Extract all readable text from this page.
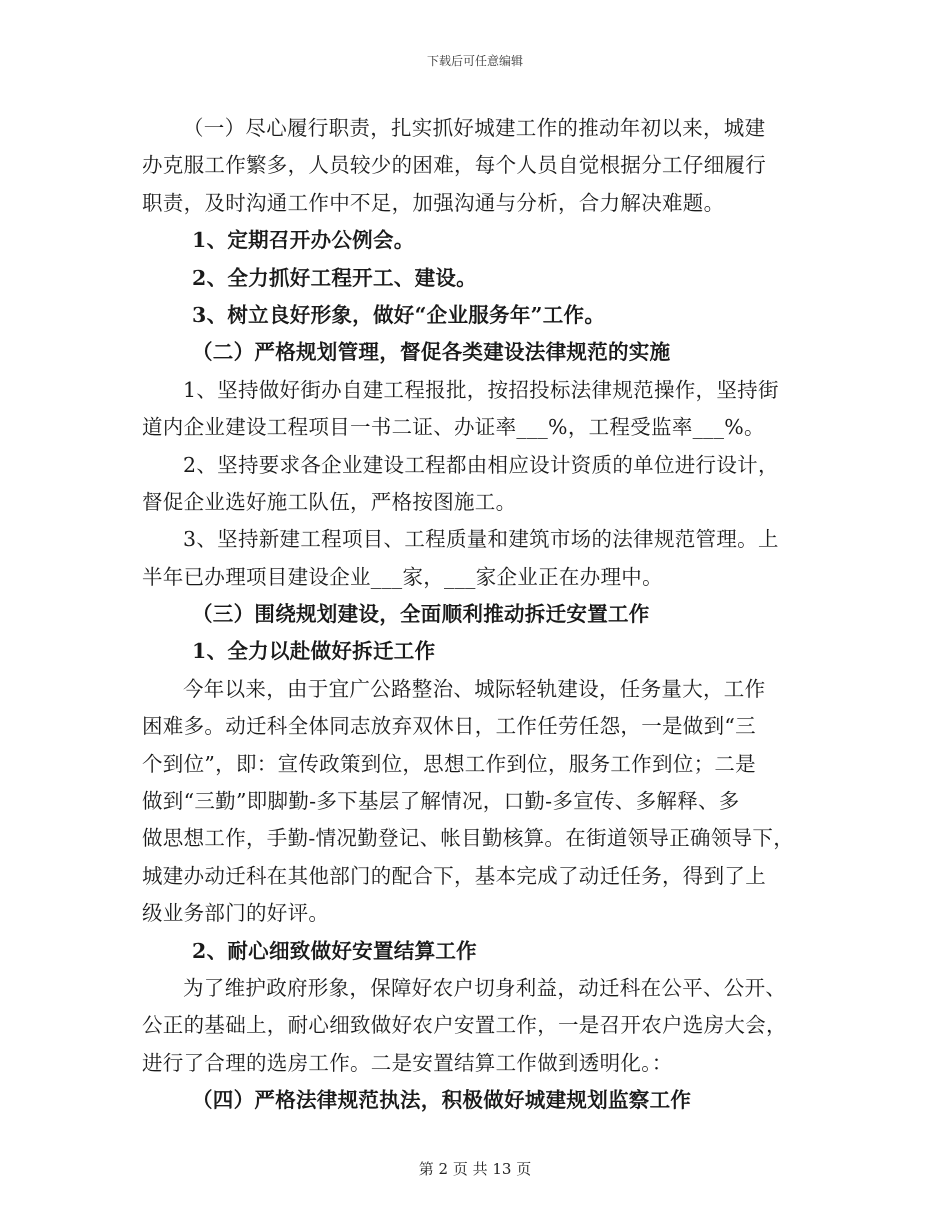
下载后可任意编辑
（一）尽心履行职责，扎实抓好城建工作的推动年初以来，城建
办克服工作繁多，人员较少的困难，每个人员自觉根据分工仔细履行
职责，及时沟通工作中不足，加强沟通与分析，合力解决难题。
1、定期召开办公例会。
2、全力抓好工程开工、建设。
3、树立良好形象，做好“企业服务年”工作。
（二）严格规划管理，督促各类建设法律规范的实施
1、坚持做好街办自建工程报批，按招投标法律规范操作，坚持街
道内企业建设工程项目一书二证、办证率___%，工程受监率___%。
2、坚持要求各企业建设工程都由相应设计资质的单位进行设计，
督促企业选好施工队伍，严格按图施工。
3、坚持新建工程项目、工程质量和建筑市场的法律规范管理。上
半年已办理项目建设企业___家，___家企业正在办理中。
（三）围绕规划建设，全面顺利推动拆迁安置工作
1、全力以赴做好拆迁工作
今年以来，由于宜广公路整治、城际轻轨建设，任务量大，工作
困难多。动迁科全体同志放弃双休日，工作任劳任怨，一是做到“三
个到位”，即：宣传政策到位，思想工作到位，服务工作到位；二是
做到“三勤”即脚勤-多下基层了解情况，口勤-多宣传、多解释、多
做思想工作，手勤-情况勤登记、帐目勤核算。在街道领导正确领导下，
城建办动迁科在其他部门的配合下，基本完成了动迁任务，得到了上
级业务部门的好评。
2、耐心细致做好安置结算工作
为了维护政府形象，保障好农户切身利益，动迁科在公平、公开、
公正的基础上，耐心细致做好农户安置工作，一是召开农户选房大会，
进行了合理的选房工作。二是安置结算工作做到透明化。：
（四）严格法律规范执法，积极做好城建规划监察工作
第 2 页 共 13 页
